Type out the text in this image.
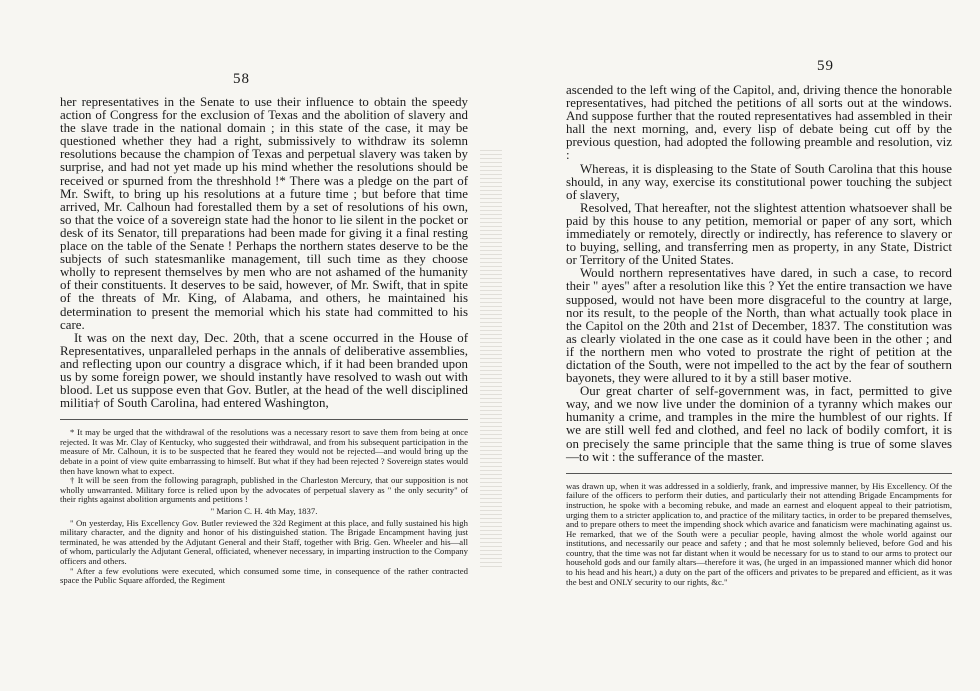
58

her representatives in the Senate to use their influence to obtain the speedy action of Congress for the exclusion of Texas and the abolition of slavery and the slave trade in the national domain ; in this state of the case, it may be questioned whether they had a right, submissively to withdraw its solemn resolutions because the champion of Texas and perpetual slavery was taken by surprise, and had not yet made up his mind whether the resolutions should be received or spurned from the threshhold !* There was a pledge on the part of Mr. Swift, to bring up his resolutions at a future time ; but before that time arrived, Mr. Calhoun had forestalled them by a set of resolutions of his own, so that the voice of a sovereign state had the honor to lie silent in the pocket or desk of its Senator, till preparations had been made for giving it a final resting place on the table of the Senate ! Perhaps the northern states deserve to be the subjects of such statesmanlike management, till such time as they choose wholly to represent themselves by men who are not ashamed of the humanity of their constituents. It deserves to be said, however, of Mr. Swift, that in spite of the threats of Mr. King, of Alabama, and others, he maintained his determination to present the memorial which his state had committed to his care.

It was on the next day, Dec. 20th, that a scene occurred in the House of Representatives, unparalleled perhaps in the annals of deliberative assemblies, and reflecting upon our country a disgrace which, if it had been branded upon us by some foreign power, we should instantly have resolved to wash out with blood. Let us suppose even that Gov. Butler, at the head of the well disciplined militia† of South Carolina, had entered Washington,

* It may be urged that the withdrawal of the resolutions was a necessary resort to save them from being at once rejected. It was Mr. Clay of Kentucky, who suggested their withdrawal, and from his subsequent participation in the measure of Mr. Calhoun, it is to be suspected that he feared they would not be rejected—and would bring up the debate in a point of view quite embarrassing to himself. But what if they had been rejected ? Sovereign states would then have known what to expect.

† It will be seen from the following paragraph, published in the Charleston Mercury, that our supposition is not wholly unwarranted. Military force is relied upon by the advocates of perpetual slavery as " the only security" of their rights against abolition arguments and petitions !

" Marion C. H. 4th May, 1837.

" On yesterday, His Excellency Gov. Butler reviewed the 32d Regiment at this place, and fully sustained his high military character, and the dignity and honor of his distinguished station. The Brigade Encampment having just terminated, he was attended by the Adjutant General and their Staff, together with Brig. Gen. Wheeler and his—all of whom, particularly the Adjutant General, officiated, whenever necessary, in imparting instruction to the Company officers and others.

" After a few evolutions were executed, which consumed some time, in consequence of the rather contracted space the Public Square afforded, the Regiment

59

ascended to the left wing of the Capitol, and, driving thence the honorable representatives, had pitched the petitions of all sorts out at the windows. And suppose further that the routed representatives had assembled in their hall the next morning, and, every lisp of debate being cut off by the previous question, had adopted the following preamble and resolution, viz :

Whereas, it is displeasing to the State of South Carolina that this house should, in any way, exercise its constitutional power touching the subject of slavery,

Resolved, That hereafter, not the slightest attention whatsoever shall be paid by this house to any petition, memorial or paper of any sort, which immediately or remotely, directly or indirectly, has reference to slavery or to buying, selling, and transferring men as property, in any State, District or Territory of the United States.

Would northern representatives have dared, in such a case, to record their " ayes" after a resolution like this ? Yet the entire transaction we have supposed, would not have been more disgraceful to the country at large, nor its result, to the people of the North, than what actually took place in the Capitol on the 20th and 21st of December, 1837. The constitution was as clearly violated in the one case as it could have been in the other ; and if the northern men who voted to prostrate the right of petition at the dictation of the South, were not impelled to the act by the fear of southern bayonets, they were allured to it by a still baser motive.

Our great charter of self-government was, in fact, permitted to give way, and we now live under the dominion of a tyranny which makes our humanity a crime, and tramples in the mire the humblest of our rights. If we are still well fed and clothed, and feel no lack of bodily comfort, it is on precisely the same principle that the same thing is true of some slaves—to wit : the sufferance of the master.

was drawn up, when it was addressed in a soldierly, frank, and impressive manner, by His Excellency. Of the failure of the officers to perform their duties, and particularly their not attending Brigade Encampments for instruction, he spoke with a becoming rebuke, and made an earnest and eloquent appeal to their patriotism, urging them to a stricter application to, and practice of the military tactics, in order to be prepared themselves, and to prepare others to meet the impending shock which avarice and fanaticism were machinating against us. He remarked, that we of the South were a peculiar people, having almost the whole world against our institutions, and necessarily our peace and safety ; and that he most solemnly believed, before God and his country, that the time was not far distant when it would be necessary for us to stand to our arms to protect our household gods and our family altars—therefore it was, (he urged in an impassioned manner which did honor to his head and his heart,) a duty on the part of the officers and privates to be prepared and efficient, as it was the best and ONLY security to our rights, &c."
